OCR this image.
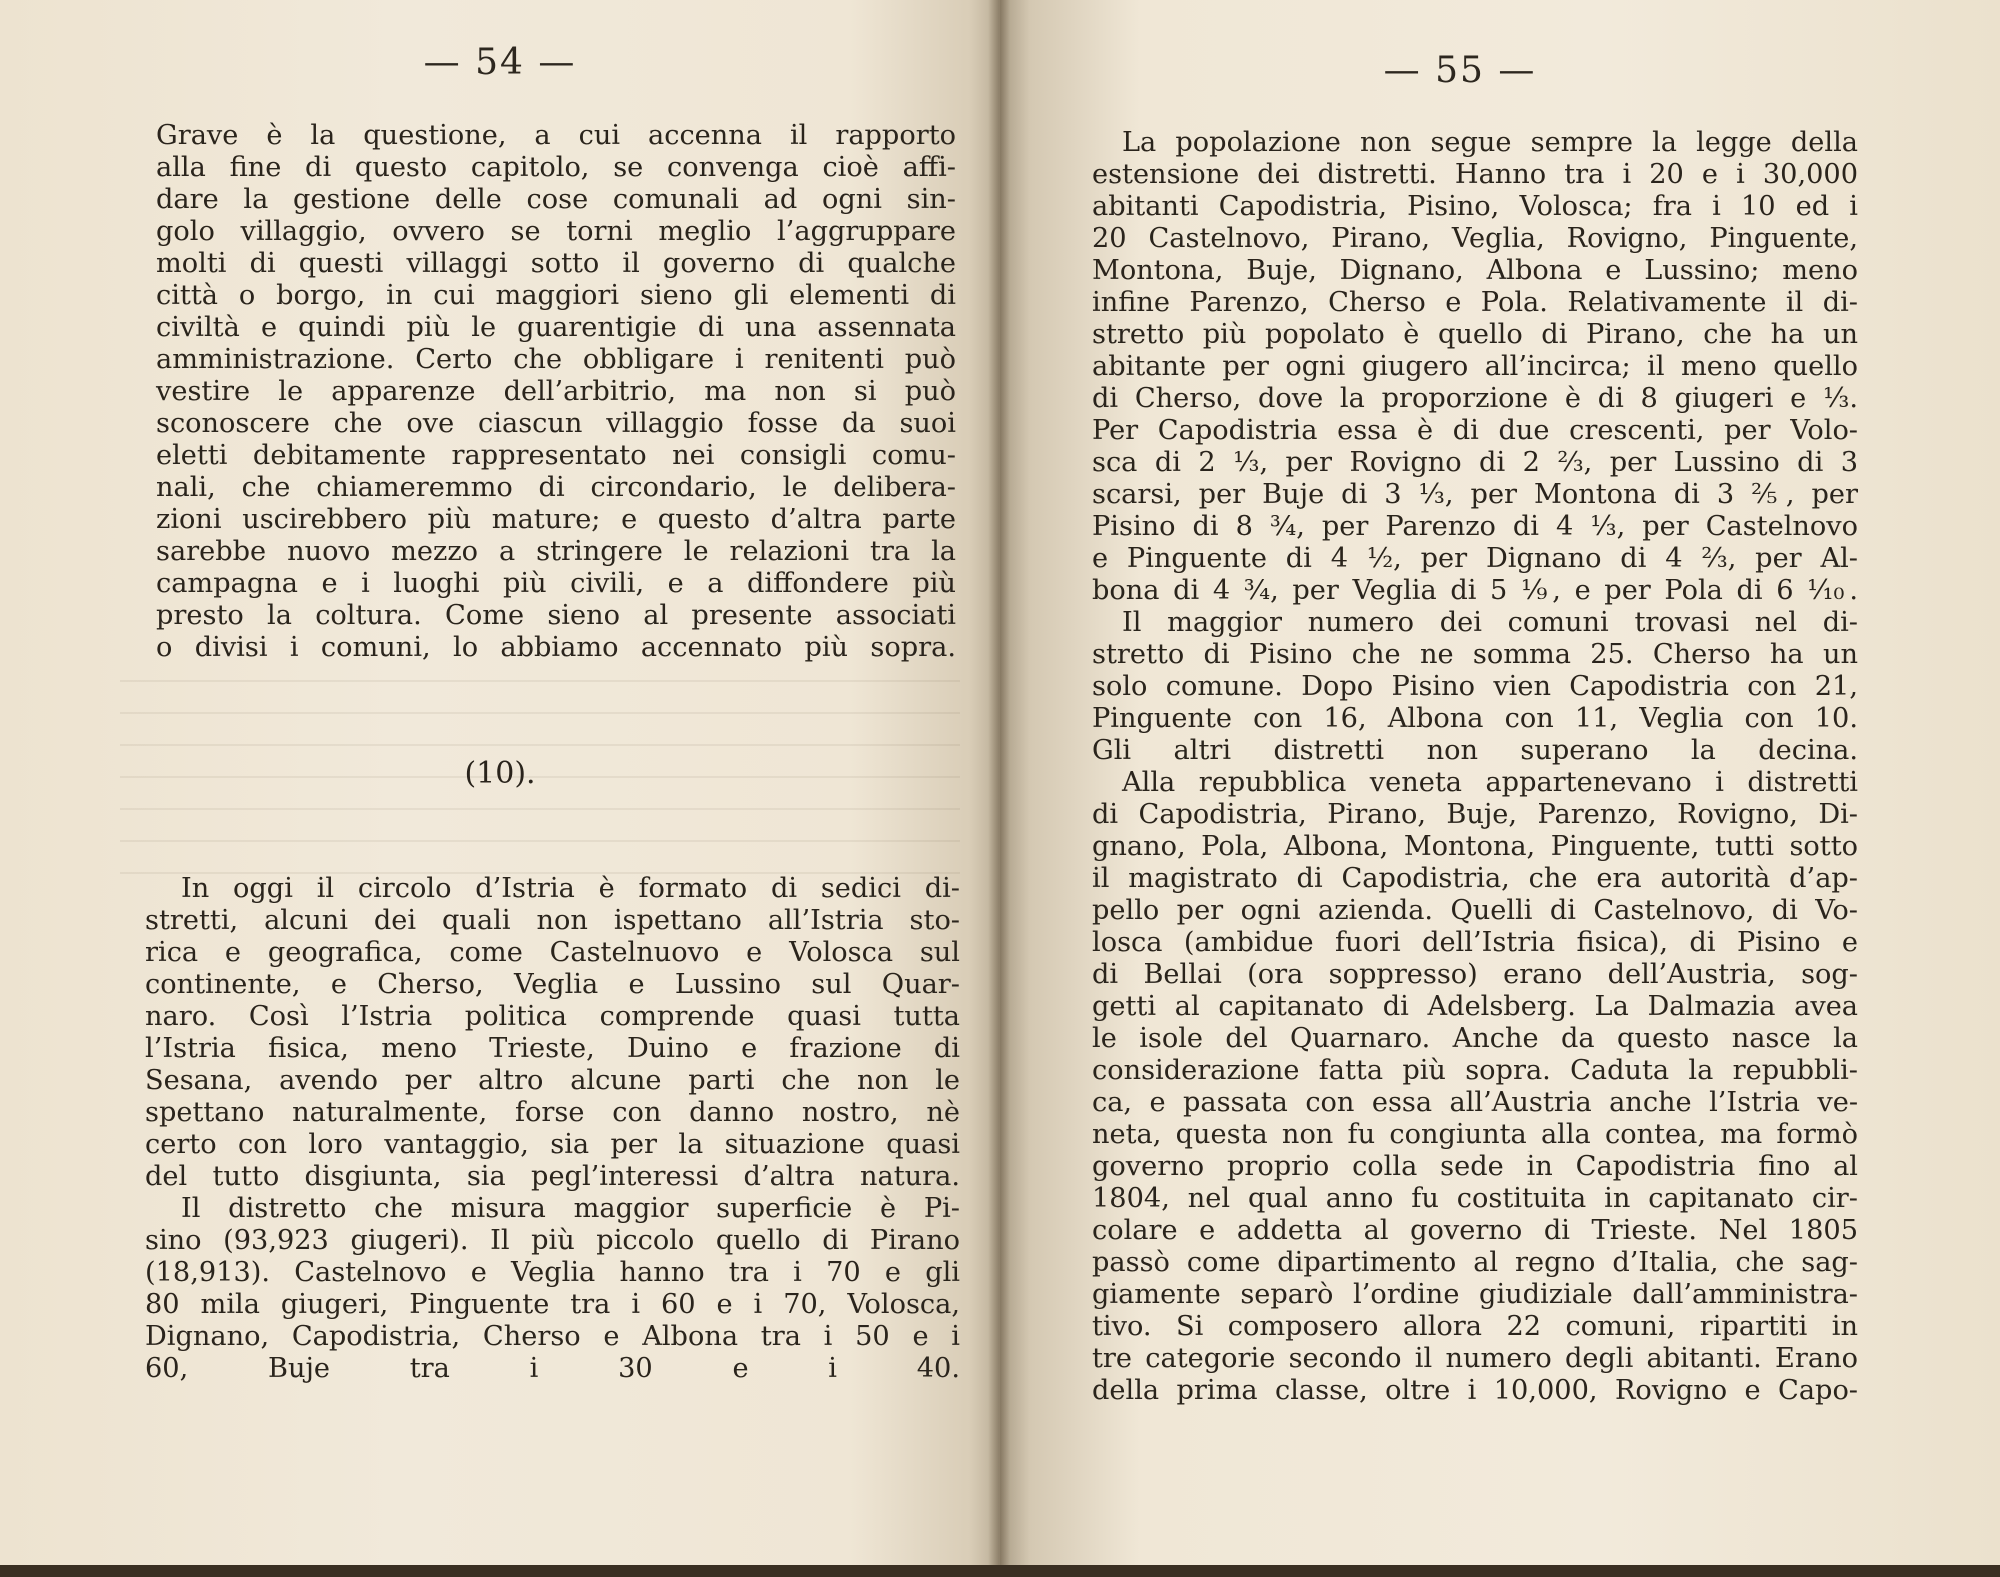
— 54 —
Grave è la questione, a cui accenna il rapporto
alla fine di questo capitolo, se convenga cioè affi-
dare la gestione delle cose comunali ad ogni sin-
golo villaggio, ovvero se torni meglio l’aggruppare
molti di questi villaggi sotto il governo di qualche
città o borgo, in cui maggiori sieno gli elementi di
civiltà e quindi più le guarentigie di una assennata
amministrazione. Certo che obbligare i renitenti può
vestire le apparenze dell’arbitrio, ma non si può
sconoscere che ove ciascun villaggio fosse da suoi
eletti debitamente rappresentato nei consigli comu-
nali, che chiameremmo di circondario, le delibera-
zioni uscirebbero più mature; e questo d’altra parte
sarebbe nuovo mezzo a stringere le relazioni tra la
campagna e i luoghi più civili, e a diffondere più
presto la coltura. Come sieno al presente associati
o divisi i comuni, lo abbiamo accennato più sopra.
(10).
In oggi il circolo d’Istria è formato di sedici di-
stretti, alcuni dei quali non ispettano all’Istria sto-
rica e geografica, come Castelnuovo e Volosca sul
continente, e Cherso, Veglia e Lussino sul Quar-
naro. Così l’Istria politica comprende quasi tutta
l’Istria fisica, meno Trieste, Duino e frazione di
Sesana, avendo per altro alcune parti che non le
spettano naturalmente, forse con danno nostro, nè
certo con loro vantaggio, sia per la situazione quasi
del tutto disgiunta, sia pegl’interessi d’altra natura.
Il distretto che misura maggior superficie è Pi-
sino (93,923 giugeri). Il più piccolo quello di Pirano
(18,913). Castelnovo e Veglia hanno tra i 70 e gli
80 mila giugeri, Pinguente tra i 60 e i 70, Volosca,
Dignano, Capodistria, Cherso e Albona tra i 50 e i
60, Buje tra i 30 e i 40.
— 55 —
La popolazione non segue sempre la legge della
estensione dei distretti. Hanno tra i 20 e i 30,000
abitanti Capodistria, Pisino, Volosca; fra i 10 ed i
20 Castelnovo, Pirano, Veglia, Rovigno, Pinguente,
Montona, Buje, Dignano, Albona e Lussino; meno
infine Parenzo, Cherso e Pola. Relativamente il di-
stretto più popolato è quello di Pirano, che ha un
abitante per ogni giugero all’incirca; il meno quello
di Cherso, dove la proporzione è di 8 giugeri e ⅓.
Per Capodistria essa è di due crescenti, per Volo-
sca di 2 ⅓, per Rovigno di 2 ⅔, per Lussino di 3
scarsi, per Buje di 3 ⅓, per Montona di 3 ⅖, per
Pisino di 8 ¾, per Parenzo di 4 ⅓, per Castelnovo
e Pinguente di 4 ½, per Dignano di 4 ⅔, per Al-
bona di 4 ¾, per Veglia di 5 ⅑, e per Pola di 6 ⅒.
Il maggior numero dei comuni trovasi nel di-
stretto di Pisino che ne somma 25. Cherso ha un
solo comune. Dopo Pisino vien Capodistria con 21,
Pinguente con 16, Albona con 11, Veglia con 10.
Gli altri distretti non superano la decina.
Alla repubblica veneta appartenevano i distretti
di Capodistria, Pirano, Buje, Parenzo, Rovigno, Di-
gnano, Pola, Albona, Montona, Pinguente, tutti sotto
il magistrato di Capodistria, che era autorità d’ap-
pello per ogni azienda. Quelli di Castelnovo, di Vo-
losca (ambidue fuori dell’Istria fisica), di Pisino e
di Bellai (ora soppresso) erano dell’Austria, sog-
getti al capitanato di Adelsberg. La Dalmazia avea
le isole del Quarnaro. Anche da questo nasce la
considerazione fatta più sopra. Caduta la repubbli-
ca, e passata con essa all’Austria anche l’Istria ve-
neta, questa non fu congiunta alla contea, ma formò
governo proprio colla sede in Capodistria fino al
1804, nel qual anno fu costituita in capitanato cir-
colare e addetta al governo di Trieste. Nel 1805
passò come dipartimento al regno d’Italia, che sag-
giamente separò l’ordine giudiziale dall’amministra-
tivo. Si composero allora 22 comuni, ripartiti in
tre categorie secondo il numero degli abitanti. Erano
della prima classe, oltre i 10,000, Rovigno e Capo-
